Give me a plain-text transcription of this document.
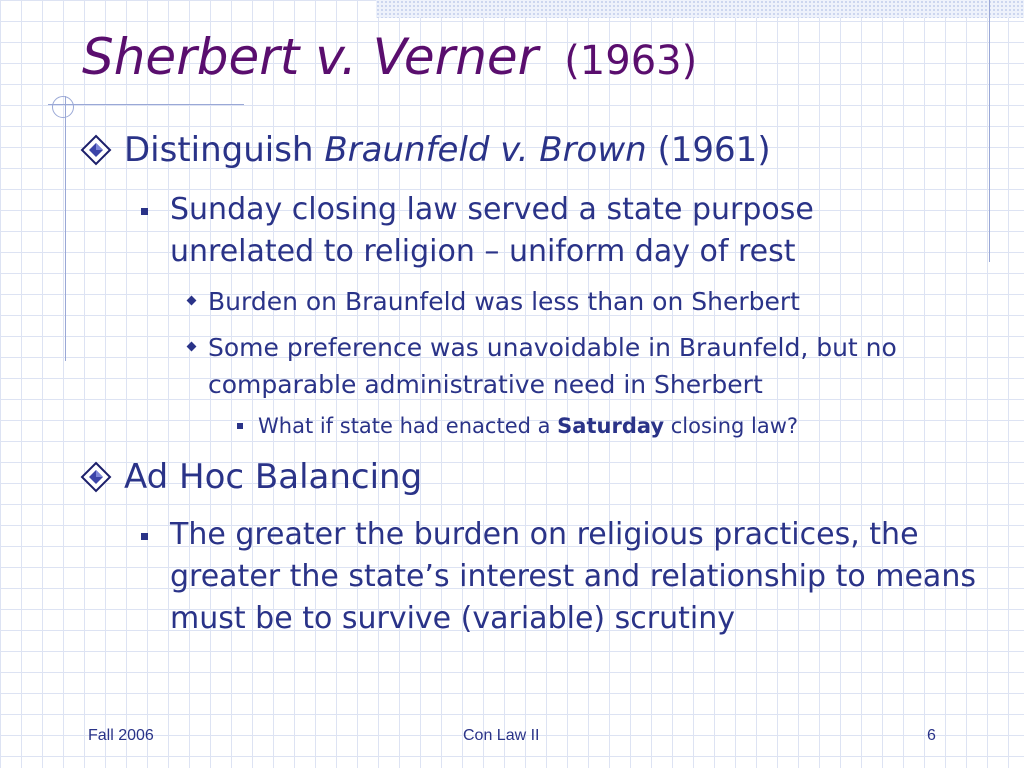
Sherbert v. Verner (1963)
Distinguish Braunfeld v. Brown (1961)
Sunday closing law served a state purpose unrelated to religion – uniform day of rest
Burden on Braunfeld was less than on Sherbert
Some preference was unavoidable in Braunfeld, but no comparable administrative need in Sherbert
What if state had enacted a Saturday closing law?
Ad Hoc Balancing
The greater the burden on religious practices, the greater the state’s interest and relationship to means must be to survive (variable) scrutiny
Fall 2006	Con Law II	6
